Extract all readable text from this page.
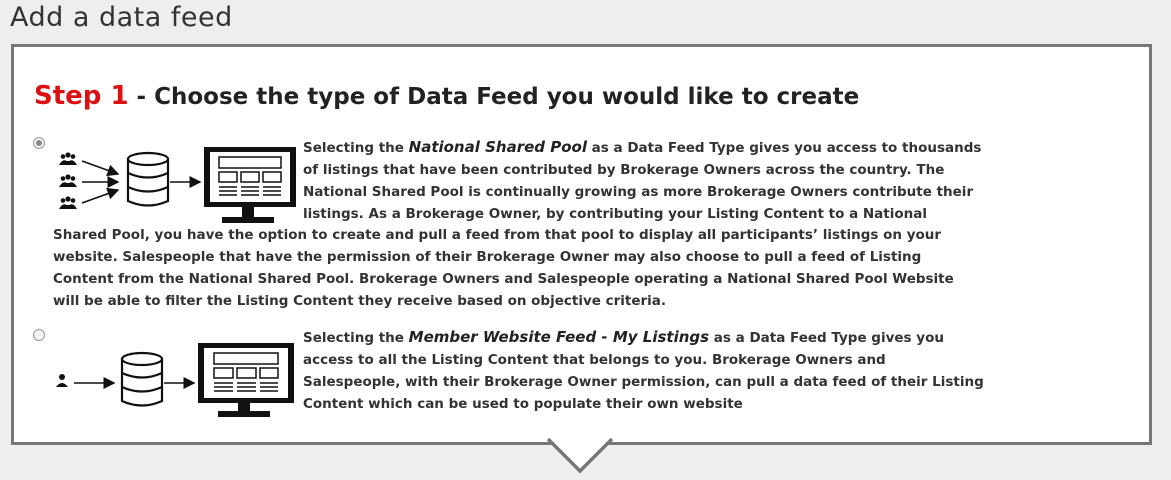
Add a data feed
Step 1 - Choose the type of Data Feed you would like to create

Selecting the National Shared Pool as a Data Feed Type gives you access to thousands
of listings that have been contributed by Brokerage Owners across the country. The
National Shared Pool is continually growing as more Brokerage Owners contribute their
listings. As a Brokerage Owner, by contributing your Listing Content to a National

Shared Pool, you have the option to create and pull a feed from that pool to display all participants’ listings on your
website. Salespeople that have the permission of their Brokerage Owner may also choose to pull a feed of Listing
Content from the National Shared Pool. Brokerage Owners and Salespeople operating a National Shared Pool Website
will be able to filter the Listing Content they receive based on objective criteria.

Selecting the Member Website Feed - My Listings as a Data Feed Type gives you
access to all the Listing Content that belongs to you. Brokerage Owners and
Salespeople, with their Brokerage Owner permission, can pull a data feed of their Listing
Content which can be used to populate their own website
